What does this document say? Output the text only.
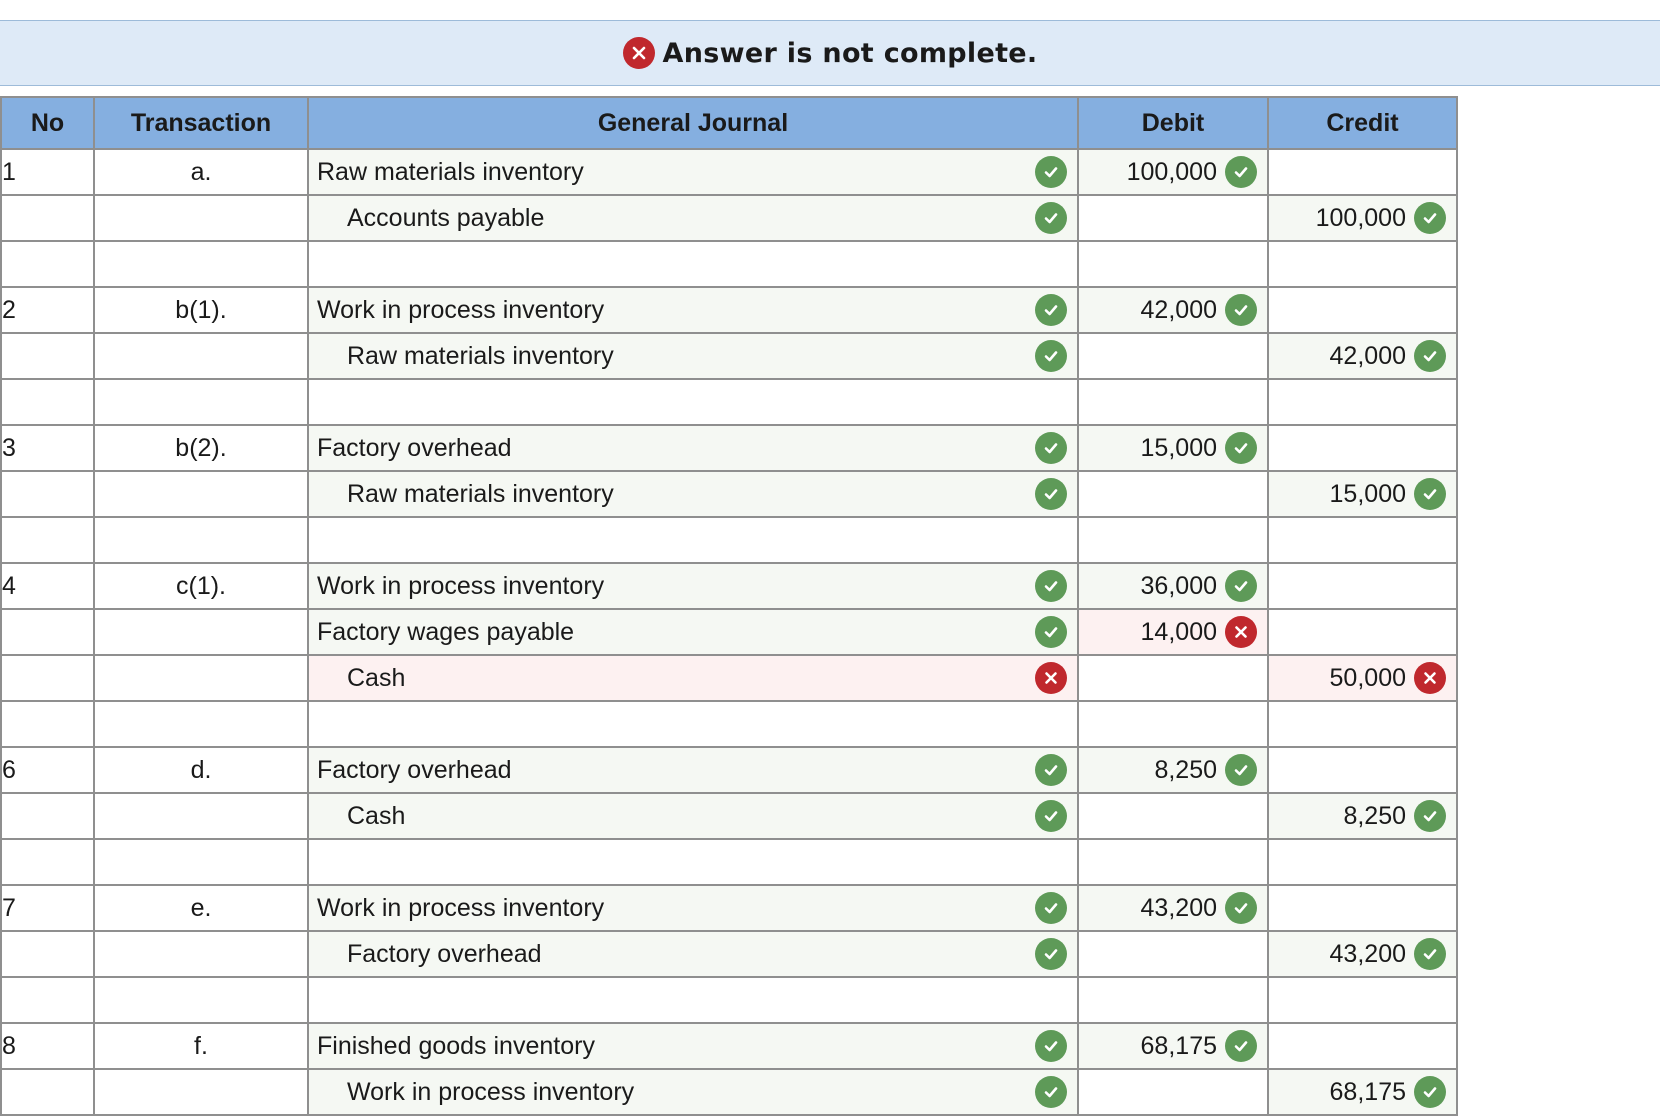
Answer is not complete.
No	Transaction	General Journal	Debit	Credit	
1	a.	Raw materials inventory	100,000		

		Accounts payable		100,000	

2	b(1).	Work in process inventory	42,000		

		Raw materials inventory		42,000	

3	b(2).	Factory overhead	15,000		

		Raw materials inventory		15,000	

4	c(1).	Work in process inventory	36,000		

		Factory wages payable	14,000		

		Cash		50,000	

6	d.	Factory overhead	8,250		

		Cash		8,250	

7	e.	Work in process inventory	43,200		

		Factory overhead		43,200	

8	f.	Finished goods inventory	68,175		

		Work in process inventory		68,175	
